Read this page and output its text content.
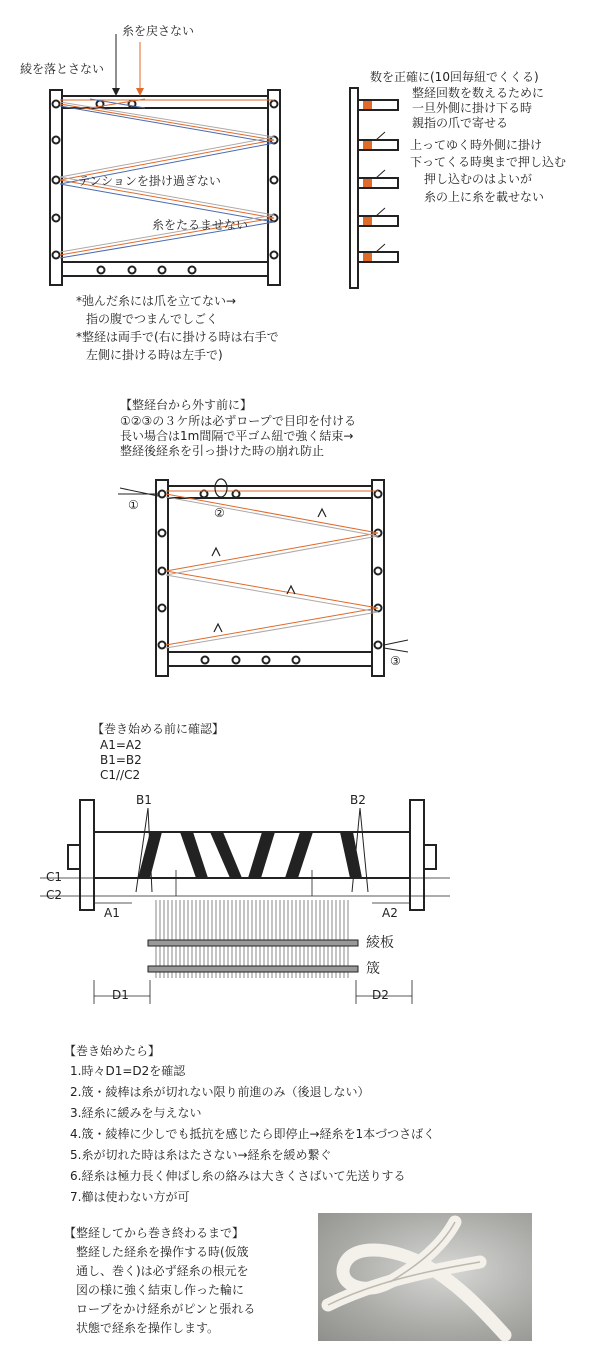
糸を戻さない
綾を落とさない
テンションを掛け過ぎない
糸をたるませない
*弛んだ糸には爪を立てない→
指の腹でつまんでしごく
*整経は両手で(右に掛ける時は右手で
左側に掛ける時は左手で)
数を正確に(10回毎紐でくくる)
整経回数を数えるために
一旦外側に掛け下る時
親指の爪で寄せる
上ってゆく時外側に掛け
下ってくる時奥まで押し込む
押し込むのはよいが
糸の上に糸を載せない
【整経台から外す前に】
①②③の３ケ所は必ずロープで目印を付ける
長い場合は1m間隔で平ゴム紐で強く結束→
整経後経糸を引っ掛けた時の崩れ防止
①
②
③
【巻き始める前に確認】
A1=A2
B1=B2
C1//C2
B1	B2
C1
C2
A1	A2
綾板
筬
D1	D2
【巻き始めたら】
1.時々D1=D2を確認
2.筬・綾棒は糸が切れない限り前進のみ（後退しない）
3.経糸に緩みを与えない
4.筬・綾棒に少しでも抵抗を感じたら即停止→経糸を1本づつさばく
5.糸が切れた時は糸はたさない→経糸を緩め繋ぐ
6.経糸は極力長く伸ばし糸の絡みは大きくさばいて先送りする
7.櫛は使わない方が可
【整経してから巻き終わるまで】
整経した経糸を操作する時(仮筬
通し、巻く)は必ず経糸の根元を
図の様に強く結束し作った輪に
ロープをかけ経糸がピンと張れる
状態で経糸を操作します。
